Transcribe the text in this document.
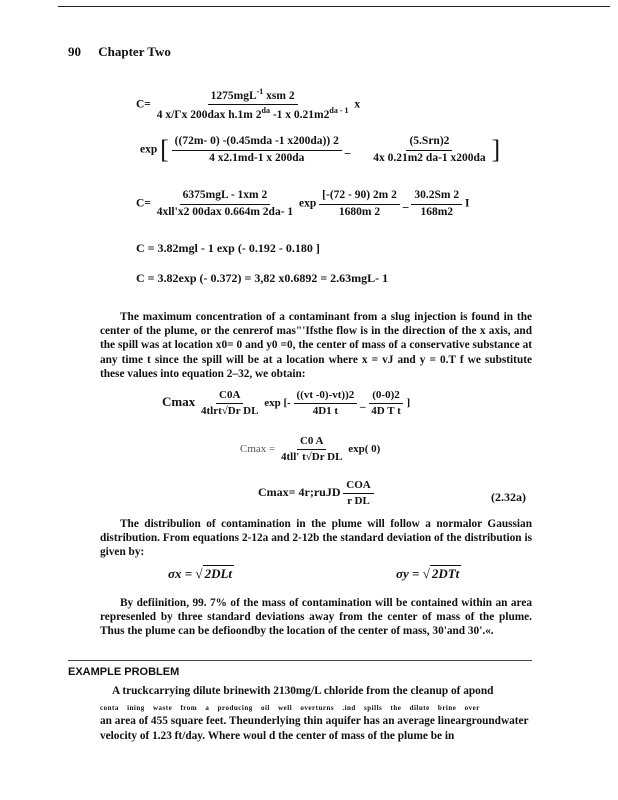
90 Chapter Two
$C= \frac{1275mgL^{-1} xsm 2}{4 x/\Gamma x 200dax h.1m 2^{da} -1 x 0.21m2^{da - 1}}$ x
exp [ $\frac{\text{((72m- 0) -(0.45mda -1 x200da)) 2}}{4 x2.1md-1 x 200da}$ _ $\frac{\text{(5.Srn)2}}{4x 0.21m2 da-1 x200da}$ ]
$C= \frac{\text{6375mgL - 1xm 2}}{\text{4xll'x2 00dax 0.664m 2da- 1}}$ $\exp \frac{[-(72 - 90) 2m 2}{1680m 2}$ _ $\frac{30.2Sm 2}{168m2}$ I
C = 3.82mgl - 1 exp (- 0.192 - 0.180 ]
C = 3.82exp (- 0.372) = 3,82 x0.6892 = 2.63mgL- 1

The maximum concentration of a contaminant from a slug injection is found in the center of the plume, or the cenrerof mas"'Ifsthe flow is in the direction of the x axis, and the spill was at location x0= 0 and y0 =0, the center of mass of a conservative substance at any time t since the spill will be at a location where x = vJ and y = 0.T f we substitute these values into equation 2–32, we obtain:

Cmax $\frac{C0A}{\text{4tlrt√Dr DL}}$ exp [- $\frac{((vt -0)-vt))2}{4D1 t}$ _ $\frac{(0-0)2}{\text{4D T t}}$ ]
$Cmax = \frac{C0 A}{\text{4tll' t√Dr DL}} \exp$( 0)
Cmax= 4r;ruJD $\frac{\text{COA}}{\text{r DL}}$	(2.32a)

The distribulion of contamination in the plume will follow a normalor Gaussian distribution. From equations 2-12a and 2-12b the standard deviation of the distribution is given by:

σx = √ 2DLt	σy = √ 2DTt

By defiinition, 99. 7% of the mass of contamination will be contained within an area represenled by three standard deviations away from the center of mass of the plume. Thus the plume can be defioondby the location of the center of mass, 30'and 30'.«.

EXAMPLE PROBLEM

A truckcarrying dilute brinewith 2130mg/L chloride from the cleanup of apond

conta ining waste from a producing oil well overturns .ind spills the dilute brine over

an area of 455 square feet. Theunderlying thin aquifer has an average lineargroundwater velocity of 1.23 ft/day. Where woul d the center of mass of the plume be in
